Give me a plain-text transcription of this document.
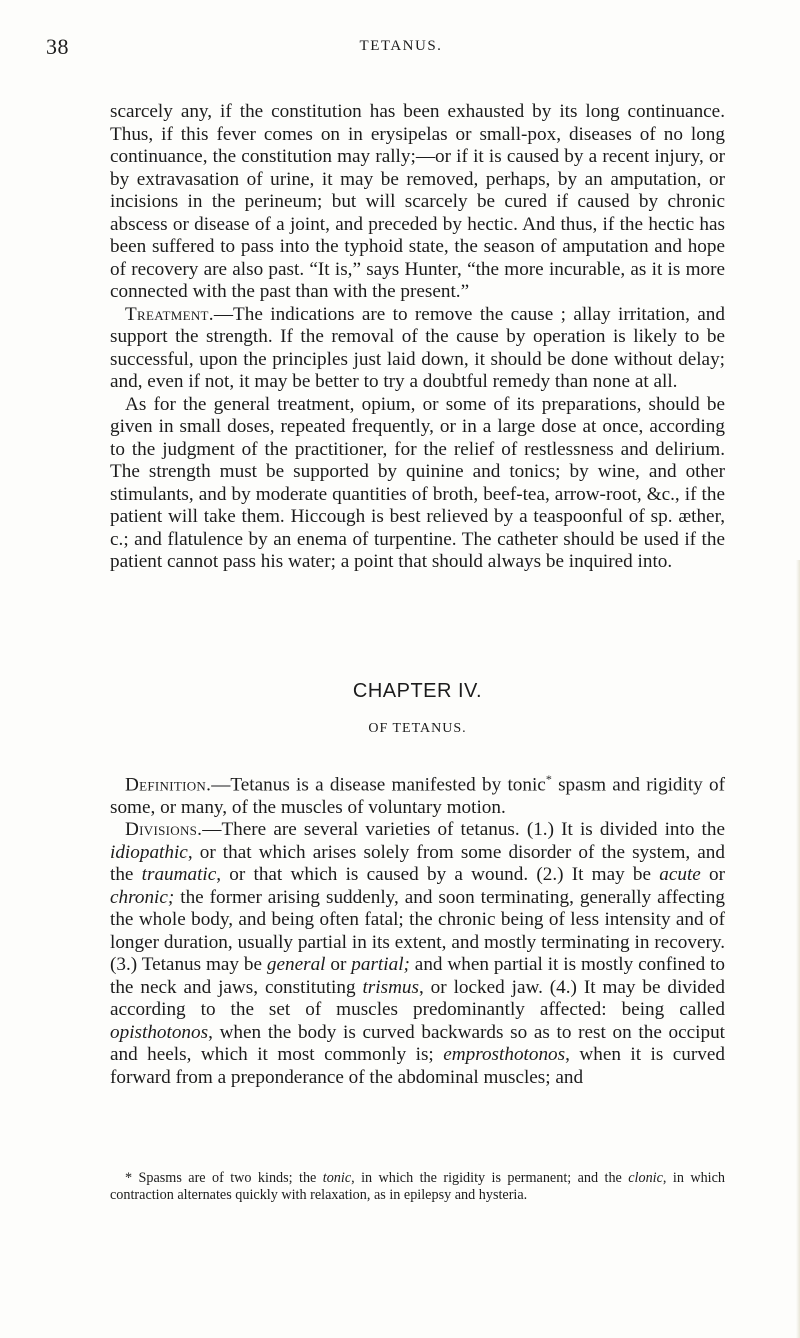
38	TETANUS.

scarcely any, if the constitution has been exhausted by its long continuance. Thus, if this fever comes on in erysipelas or small-pox, diseases of no long continuance, the constitution may rally;—or if it is caused by a recent injury, or by extravasation of urine, it may be removed, perhaps, by an amputation, or incisions in the perineum; but will scarcely be cured if caused by chronic abscess or disease of a joint, and preceded by hectic. And thus, if the hectic has been suffered to pass into the typhoid state, the season of amputation and hope of recovery are also past. “It is,” says Hunter, “the more incurable, as it is more connected with the past than with the present.”

Treatment.—The indications are to remove the cause ; allay irritation, and support the strength. If the removal of the cause by operation is likely to be successful, upon the principles just laid down, it should be done without delay; and, even if not, it may be better to try a doubtful remedy than none at all.

As for the general treatment, opium, or some of its preparations, should be given in small doses, repeated frequently, or in a large dose at once, according to the judgment of the practitioner, for the relief of restlessness and delirium. The strength must be supported by quinine and tonics; by wine, and other stimulants, and by moderate quantities of broth, beef-tea, arrow-root, &c., if the patient will take them. Hiccough is best relieved by a teaspoonful of sp. æther, c.; and flatulence by an enema of turpentine. The catheter should be used if the patient cannot pass his water; a point that should always be inquired into.

CHAPTER IV.
OF TETANUS.

Definition.—Tetanus is a disease manifested by tonic* spasm and rigidity of some, or many, of the muscles of voluntary motion.

Divisions.—There are several varieties of tetanus. (1.) It is divided into the idiopathic, or that which arises solely from some disorder of the system, and the traumatic, or that which is caused by a wound. (2.) It may be acute or chronic; the former arising suddenly, and soon terminating, generally affecting the whole body, and being often fatal; the chronic being of less intensity and of longer duration, usually partial in its extent, and mostly terminating in recovery. (3.) Tetanus may be general or partial; and when partial it is mostly confined to the neck and jaws, constituting trismus, or locked jaw. (4.) It may be divided according to the set of muscles predominantly affected: being called opisthotonos, when the body is curved backwards so as to rest on the occiput and heels, which it most commonly is; emprosthotonos, when it is curved forward from a preponderance of the abdominal muscles; and

* Spasms are of two kinds; the tonic, in which the rigidity is permanent; and the clonic, in which contraction alternates quickly with relaxation, as in epilepsy and hysteria.
